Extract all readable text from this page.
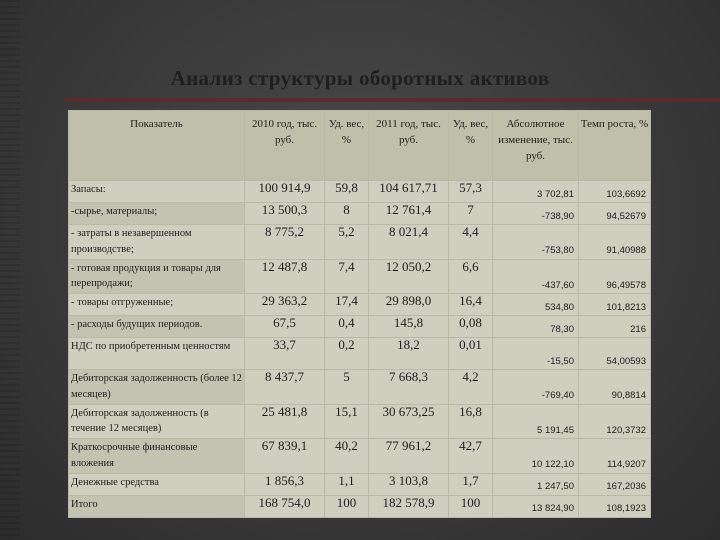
Анализ структуры оборотных активов
Показатель	2010 год, тыс. руб.	Уд. вес, %	2011 год, тыс. руб.	Уд. вес, %	Абсолютное изменение, тыс. руб.	Темп роста, %
Запасы:	100 914,9	59,8	104 617,71	57,3	3 702,81	103,6692
-сырье, материалы;	13 500,3	8	12 761,4	7	-738,90	94,52679
- затраты в незавершенном производстве;	8 775,2	5,2	8 021,4	4,4	-753,80	91,40988
- готовая продукция и товары для перепродажи;	12 487,8	7,4	12 050,2	6,6	-437,60	96,49578
- товары отгруженные;	29 363,2	17,4	29 898,0	16,4	534,80	101,8213
- расходы будущих периодов.	67,5	0,4	145,8	0,08	78,30	216
НДС по приобретенным ценностям	33,7	0,2	18,2	0,01	-15,50	54,00593
Дебиторская задолженность (более 12 месяцев)	8 437,7	5	7 668,3	4,2	-769,40	90,8814
Дебиторская задолженность (в течение 12 месяцев)	25 481,8	15,1	30 673,25	16,8	5 191,45	120,3732
Краткосрочные финансовые вложения	67 839,1	40,2	77 961,2	42,7	10 122,10	114,9207
Денежные средства	1 856,3	1,1	3 103,8	1,7	1 247,50	167,2036
Итого	168 754,0	100	182 578,9	100	13 824,90	108,1923
